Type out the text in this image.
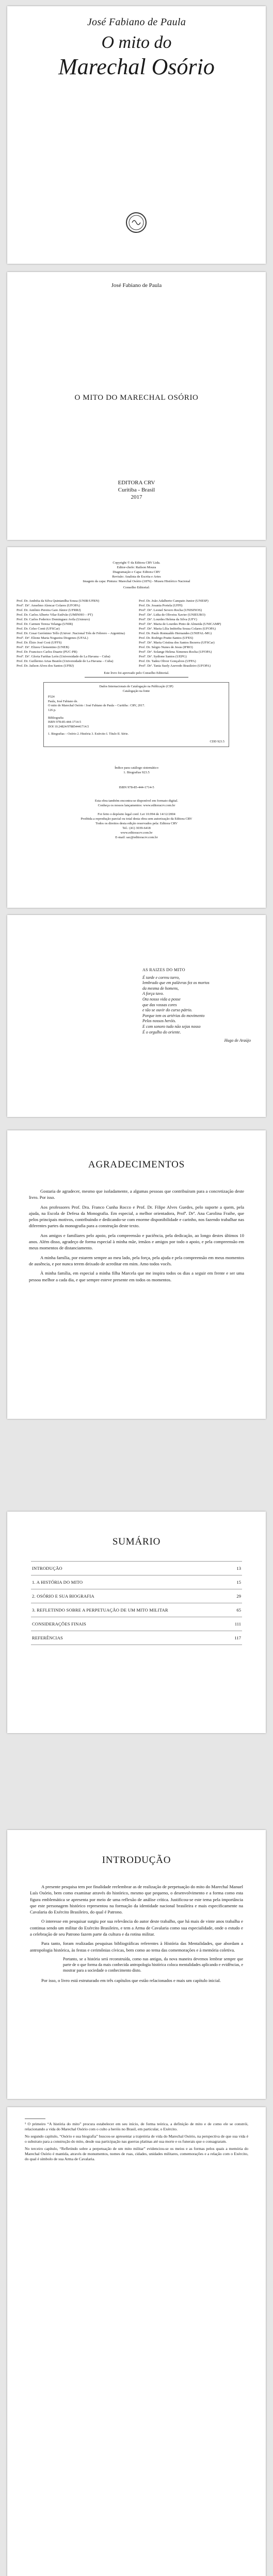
José Fabiano de Paula
O mito do
Marechal Osório
José Fabiano de Paula
O MITO DO MARECHAL OSÓRIO
EDITORA CRV
Curitiba - Brasil
2017
Copyright © da Editora CRV Ltda.
Editor-chefe: Railson Moura
Diagramação e Capa: Editora CRV
Revisão: Analista de Escrita e Artes
Imagem da capa: Pintura: Marechal Osório (1876) - Museu Histórico Nacional
Conselho Editorial:
Prof. Dr. Andréia da Silva Quintanilha Sousa (UNIR/UFRN)
Profª. Drª. Anselmo Alencar Colares (UFOPA)
Prof. Dr. Antônio Pereira Gaio Júnior (UFRRJ)
Prof. Dr. Carlos Alberto Vilar Estêvão (UMINHO – PT)
Prof. Dr. Carlos Federico Dominguez Avila (Unieuro)
Prof. Dr. Carmen Tereza Velanga (UNIR)
Prof. Dr. Celso Conti (UFSCar)
Prof. Dr. Cesar Gerónimo Tello (Univer .Nacional Três de Febrero – Argentina)
Profª. Drª. Elione Maria Nogueira Diogenes (UFAL)
Prof. Dr. Élsio José Corá (UFFS)
Profª. Drª. Elizeu Clementino (UNEB)
Prof. Dr. Francisco Carlos Duarte (PUC-PR)
Profª. Drª. Gloria Fariñas León (Universidade de La Havana – Cuba)
Prof. Dr. Guillermo Arias Beatón (Universidade de La Havana – Cuba)
Prof. Dr. Jailson Alves dos Santos (UFRJ)
Prof. Dr. João Adalberto Campato Junior (UNESP)
Prof. Dr. Josania Portela (UFPI)
Profª. Drª. Leonel Severo Rocha (UNISINOS)
Profª. Drª. Lidia de Oliveira Xavier (UNIEURO)
Profª. Drª. Lourdes Helena da Silva (UFV)
Profª. Drª. Maria de Lourdes Pinto de Almeida (UNICAMP)
Profª. Drª. Maria Lília Imbiriba Sousa Colares (UFOPA)
Prof. Dr. Paulo Romualdo Hernandes (UNIFAL-MG)
Prof. Dr. Rodrigo Pratte-Santos (UFES)
Profª. Drª. Maria Cristina dos Santos Bezerra (UFSCar)
Prof. Dr. Sérgio Nunes de Jesus (IFRO)
Profª. Drª. Solange Helena Ximenes-Rocha (UFOPA)
Profª. Drª. Sydione Santos (UEPG)
Prof. Dr. Tadeu Oliver Gonçalves (UFPA)
Profª. Drª. Tania Suely Azevedo Brasileiro (UFOPA)
Este livro foi aprovado pelo Conselho Editorial.
Dados Internacionais de Catalogação na Publicação (CIP)
Catalogação na fonte
P324
Paula, José Fabiano de.
O mito do Marechal Osório / José Fabiano de Paula – Curitiba : CRV, 2017.
126 p.
Bibliografia
ISBN 978-85-444-1714-5
DOI 10.24824/978854441714.5
1. Biografias – Osório 2. História 3. Exército I. Título II. Série.
CDD 923.5
Índice para catálogo sistemático
1. Biografias 923.5
ISBN 978-85-444-1714-5
Esta obra também encontra-se disponível em formato digital.
Conheça os nossos lançamentos: www.editoracrv.com.br
Foi feito o depósito legal conf. Lei 10.994 de 14/12/2004
Proibida a reprodução parcial ou total desta obra sem autorização da Editora CRV
Todos os direitos desta edição reservados pela: Editora CRV
Tel.: (41) 3039-6418
www.editoracrv.com.br
E-mail: sac@editoracrv.com.br
AS RAIZES DO MITO
É tarde e correu tarro,
lembrado que em palávras fez os mortos
da mesma de homens,
A força tavo.
Ota nosso vida a posse
que das vossas cores
e tão se ouvir do curso pátrio.
Porque tem os artérias do movimento
Pelos nossos heróis.
E com sonoro tudo não sejas nosso
É o orgulho do oriente.
Hugo de Araújo
AGRADECIMENTOS

Gostaria de agradecer, mesmo que isoladamente, a algumas pessoas que contribuíram para a concretização deste livro. Por isso.

Aos professores Prof. Dra. Franco Cunha Rocco e Prof. Dr. Filipe Alves Guedes, pelo suporte a quem, pela ajuda, na Escola de Defesa da Monografia. Em especial, a melhor orientadora, Profª. Drª. Ana Carolina Fraihe, que pelos principais motivos, contribuindo e dedicando-se com enorme disponibilidade e carinho, nos fazendo trabalhar nas diferentes partes da monografia para a construção deste texto.

Aos amigos e familiares pelo apoio, pela compreensão e paciência, pela dedicação, ao longo destes últimos 10 anos. Além disso, agradeço de forma especial à minha mãe, irmãos e amigos por todo o apoio, e pela compreensão em meus momentos de distanciamento.

A minha família, por estarem sempre ao meu lado, pela força, pela ajuda e pela compreensão em meus momentos de ausência, e por nunca terem deixado de acreditar em mim. Amo todos vocês.

À minha família, em especial a minha filha Marcela que me inspira todos os dias a seguir em frente e ser uma pessoa melhor a cada dia, e que sempre esteve presente em todos os momentos.

SUMÁRIO
INTRODUÇÃO	13
1. A HISTÓRIA DO MITO	15
2. OSÓRIO E SUA BIOGRAFIA	29
3. REFLETINDO SOBRE A PERPETUAÇÃO DE UM MITO MILITAR	65
CONSIDERAÇÕES FINAIS	111
REFERÊNCIAS	117
INTRODUÇÃO

A presente pesquisa tem por finalidade reelembrar as de realização de perpetuação do mito do Marechal Manuel Luís Osório, bem como examinar através do histórico, mesmo que pequeno, o desenvolvimento e a forma como esta figura emblemática se apresenta por meio de uma reflexão de análise crítica. Justificou-se este tema pela importância que este personagem histórico representou na formação da identidade nacional brasileira e mais especificamente na Cavalaria do Exército Brasileiro, do qual é Patrono.

O interesse em pesquisar surgiu por sua relevância do autor deste trabalho, que há mais de vinte anos trabalha e continua sendo um militar do Exército Brasileiro, e tem a Arma de Cavalaria como sua especialidade, onde o estudo e a celebração de seu Patrono fazem parte da cultura e da rotina militar.

Para tanto, foram realizadas pesquisas bibliográficas referentes à História das Mentalidades, que abordam a antropologia histórica, às festas e cerimônias cívicas, bem como ao tema das comemorações e à memória coletiva.

Portanto, se a história será reconstruída, como nas antigas, da nova maneira devemos lembrar sempre que parte de o que forma da mais conhecida antropologia histórica coloca mentalidades aplicando e evidências, e mostrar para a sociedade o conhecimento disto.

Por isso, o livro está estruturado em três capítulos que estão relacionados e mais um capítulo inicial.

¹ O primeiro “A história do mito” procura estabelecer em seu início, de forma teórica, a definição de mito e de como ele se constrói, relacionando a vida do Marechal Osório com o culto a heróis no Brasil, em particular, o Exército.

No segundo capítulo, “Osório e sua biografia” buscou-se apresentar a trajetória de vida do Marechal Osório, na perspectiva de que sua vida é o substrato para a construção do mito, desde sua participação nas guerras platinas até sua morte e os funerais que o consagraram.

No terceiro capítulo, “Refletindo sobre a perpetuação de um mito militar” evidenciou-se os meios e as formas pelos quais a memória do Marechal Osório é mantida, através de monumentos, nomes de ruas, cidades, unidades militares, comemorações e a relação com o Exército, do qual é símbolo de sua Arma de Cavalaria.
